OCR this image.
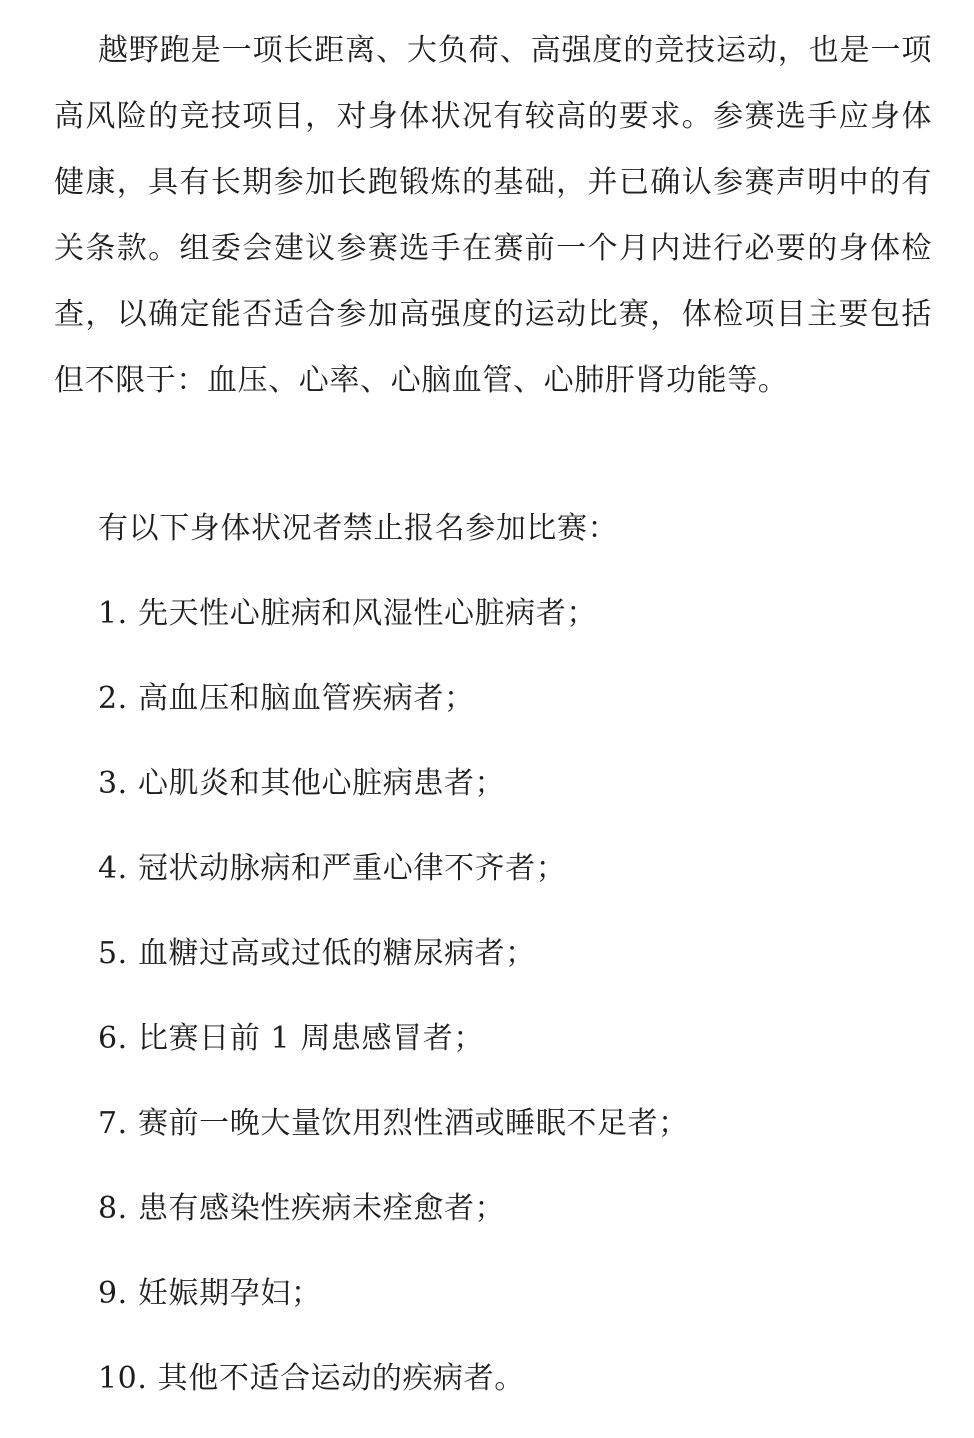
越野跑是一项长距离、大负荷、高强度的竞技运动，也是一项高风险的竞技项目，对身体状况有较高的要求。参赛选手应身体健康，具有长期参加长跑锻炼的基础，并已确认参赛声明中的有关条款。组委会建议参赛选手在赛前一个月内进行必要的身体检查，以确定能否适合参加高强度的运动比赛，体检项目主要包括但不限于：血压、心率、心脑血管、心肺肝肾功能等。

有以下身体状况者禁止报名参加比赛：

1. 先天性心脏病和风湿性心脏病者；
2. 高血压和脑血管疾病者；
3. 心肌炎和其他心脏病患者；
4. 冠状动脉病和严重心律不齐者；
5. 血糖过高或过低的糖尿病者；
6. 比赛日前 1 周患感冒者；
7. 赛前一晚大量饮用烈性酒或睡眠不足者；
8. 患有感染性疾病未痊愈者；
9. 妊娠期孕妇；
10. 其他不适合运动的疾病者。
